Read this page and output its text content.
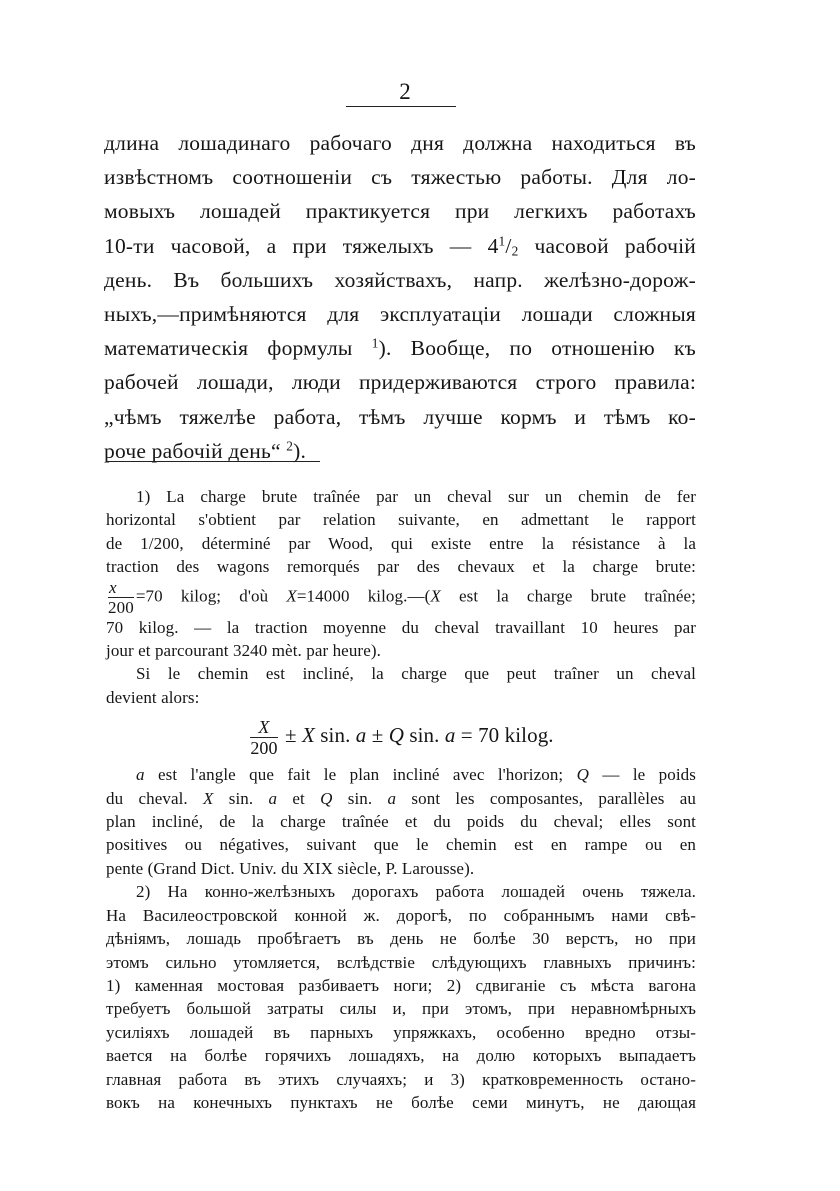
2
длина лошадинаго рабочаго дня должна находиться въ
извѣстномъ соотношеніи съ тяжестью работы. Для ло-
мовыхъ лошадей практикуется при легкихъ работахъ
10-ти часовой, а при тяжелыхъ — $4^1/_2$ часовой рабочій
день. Въ большихъ хозяйствахъ, напр. желѣзно-дорож-
ныхъ,—примѣняются для эксплуатаціи лошади сложныя
математическія формулы $^1$). Вообще, по отношенію къ
рабочей лошади, люди придерживаются строго правила:
„чѣмъ тяжелѣе работа, тѣмъ лучше кормъ и тѣмъ ко-
роче рабочій день“ $^2$).
1) La charge brute traînée par un cheval sur un chemin de fer
horizontal s'obtient par relation suivante, en admettant le rapport
de 1/200, déterminé par Wood, qui existe entre la résistance à la
traction des wagons remorqués par des chevaux et la charge brute:
$\frac{x}{200} =70$ kilog; d'où X=14000 kilog.—(X est la charge brute traînée;
70 kilog. — la traction moyenne du cheval travaillant 10 heures par
jour et parcourant 3240 mèt. par heure).
Si le chemin est incliné, la charge que peut traîner un cheval
devient alors:
$\frac{X}{200} \pm X$ sin. a ± Q sin. a = 70 kilog.
a est l'angle que fait le plan incliné avec l'horizon; Q — le poids
du cheval. X sin. a et Q sin. a sont les composantes, parallèles au
plan incliné, de la charge traînée et du poids du cheval; elles sont
positives ou négatives, suivant que le chemin est en rampe ou en
pente (Grand Dict. Univ. du XIX siècle, P. Larousse).
2) На конно-желѣзныхъ дорогахъ работа лошадей очень тяжела.
На Василеостровской конной ж. дорогѣ, по собраннымъ нами свѣ-
дѣніямъ, лошадь пробѣгаетъ въ день не болѣе 30 верстъ, но при
этомъ сильно утомляется, вслѣдствіе слѣдующихъ главныхъ причинъ:
1) каменная мостовая разбиваетъ ноги; 2) сдвиганіе съ мѣста вагона
требуетъ большой затраты силы и, при этомъ, при неравномѣрныхъ
усиліяхъ лошадей въ парныхъ упряжкахъ, особенно вредно отзы-
вается на болѣе горячихъ лошадяхъ, на долю которыхъ выпадаетъ
главная работа въ этихъ случаяхъ; и 3) кратковременность остано-
вокъ на конечныхъ пунктахъ не болѣе семи минутъ, не дающая
